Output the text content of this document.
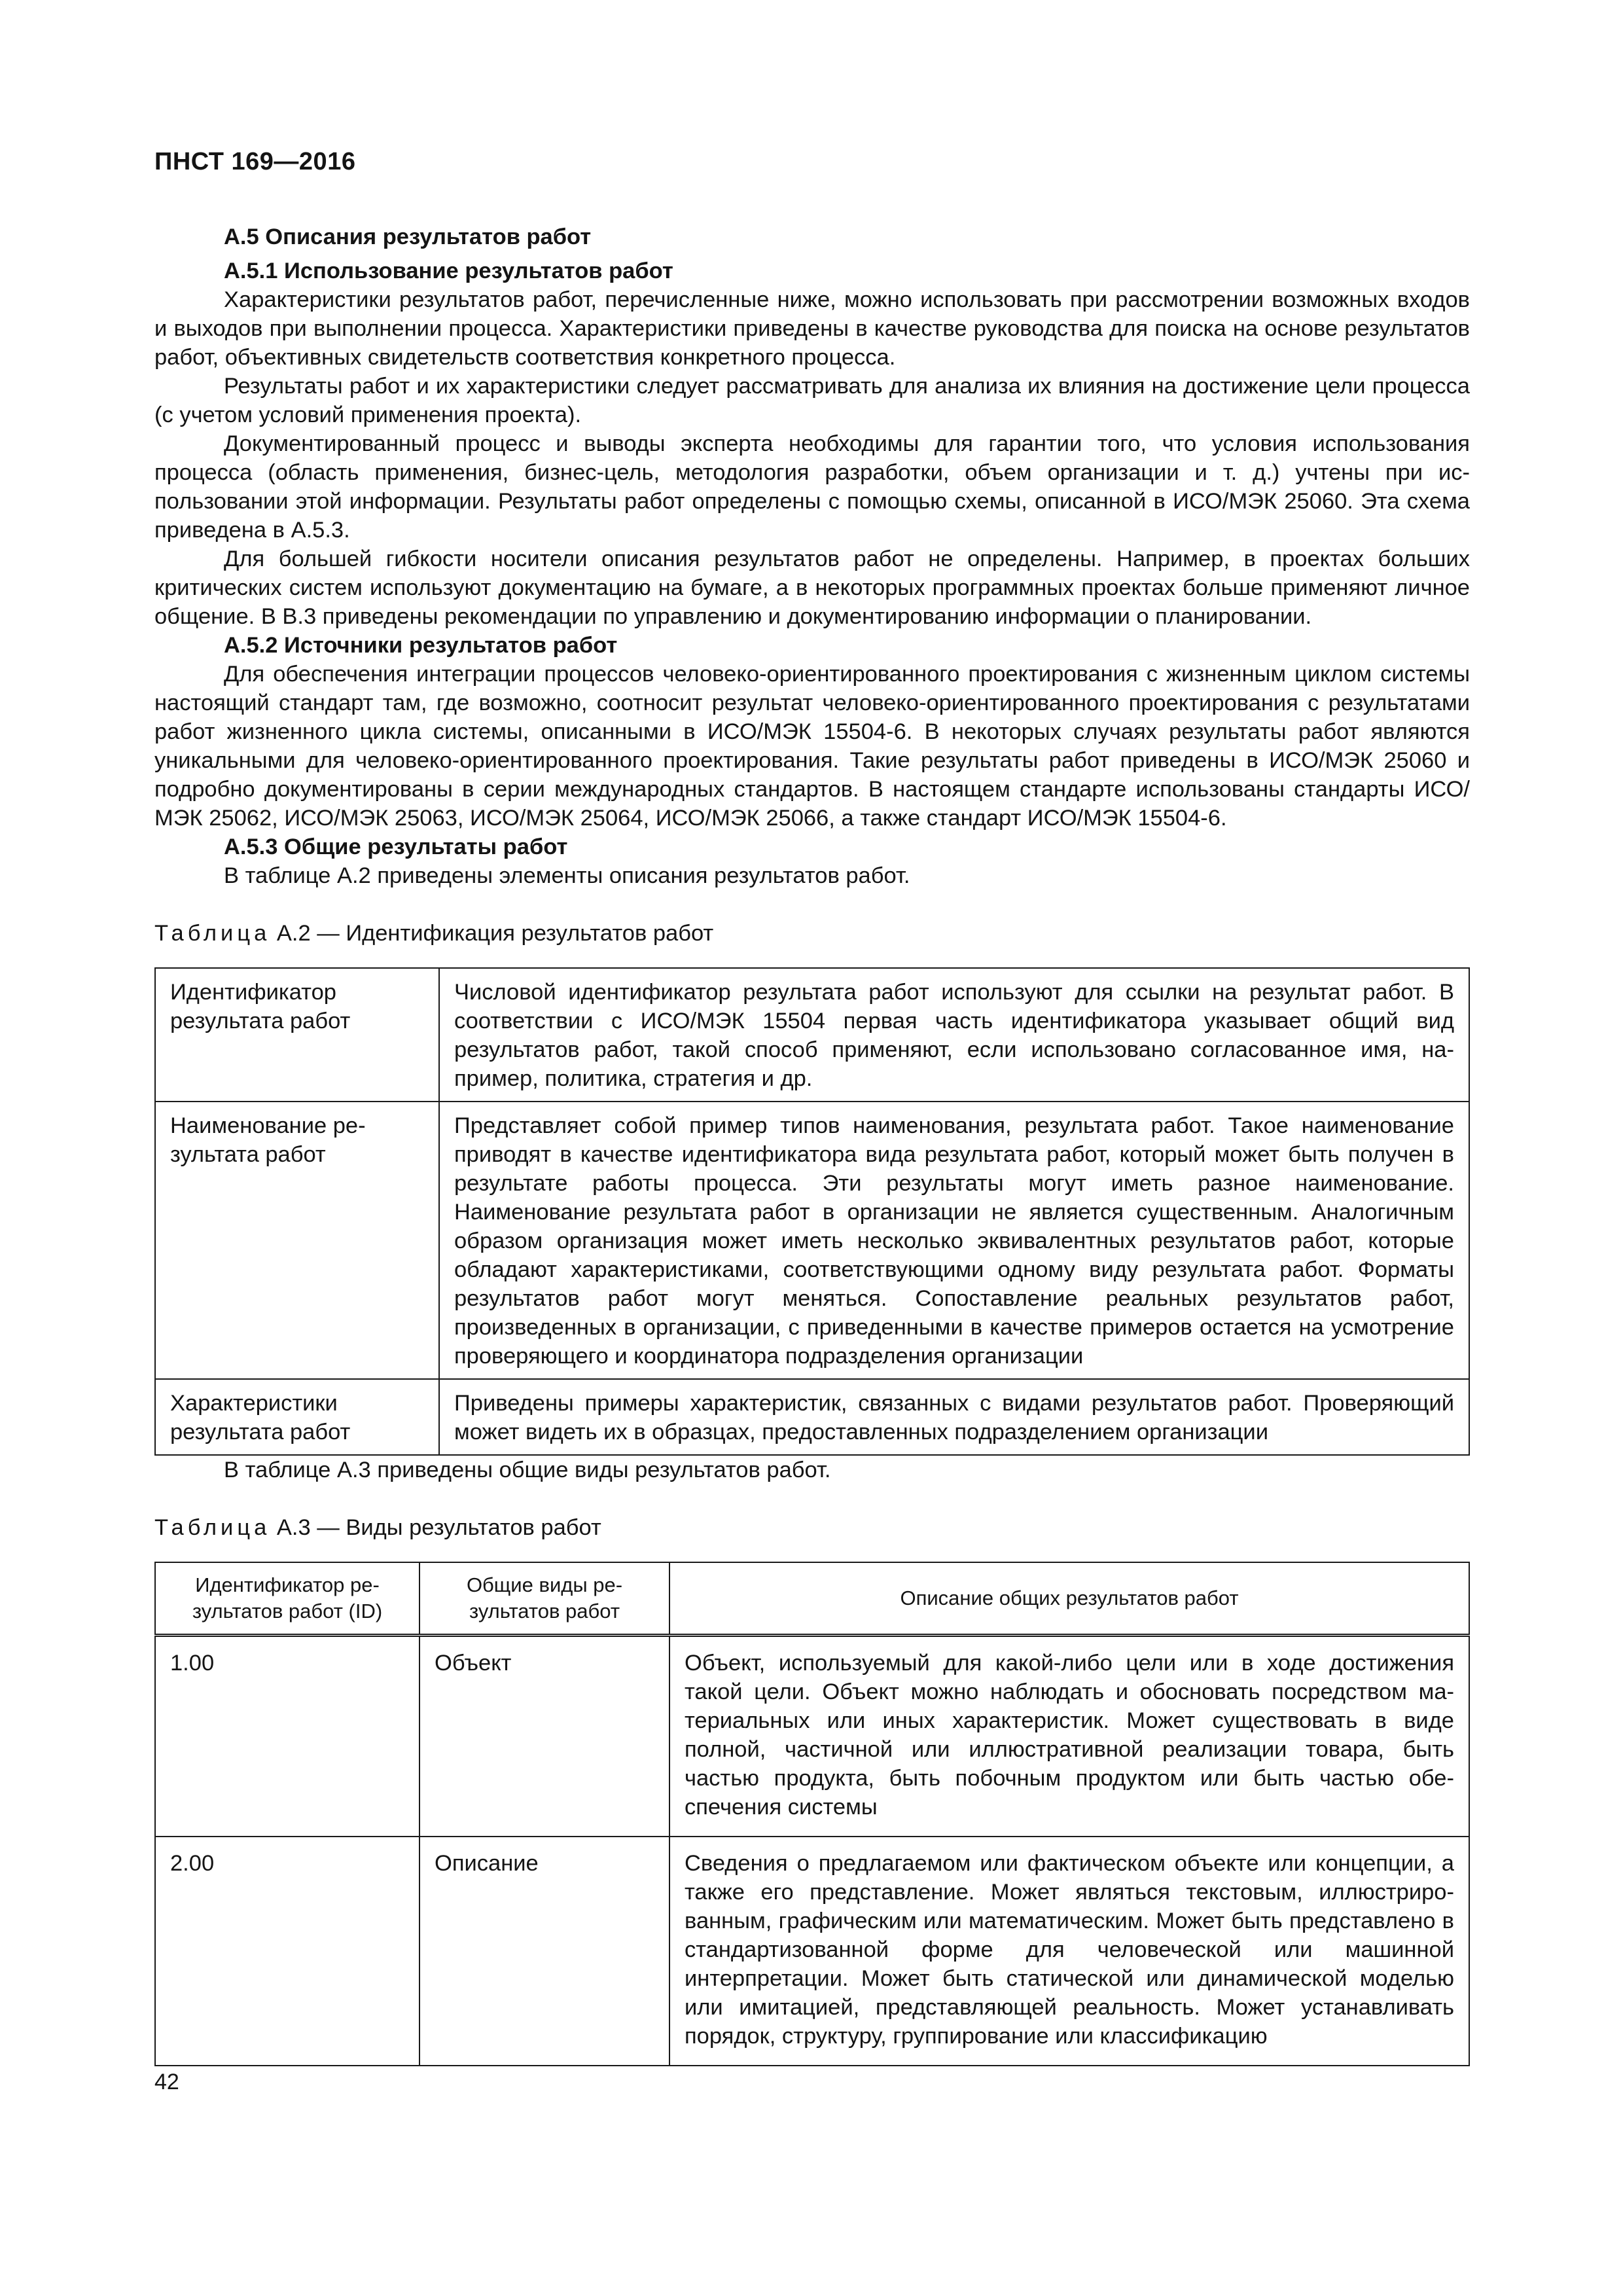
ПНСТ 169—2016
А.5 Описания результатов работ
А.5.1 Использование результатов работ

Характеристики результатов работ, перечисленные ниже, можно использовать при рассмотрении возможных входов и выходов при выполнении процесса. Характеристики приведены в качестве руководства для поиска на основе результатов работ, объективных свидетельств соответствия конкретного процесса.

Результаты работ и их характеристики следует рассматривать для анализа их влияния на достижение цели процесса (с учетом условий применения проекта).

Документированный процесс и выводы эксперта необходимы для гарантии того, что условия использования процесса (область применения, бизнес-цель, методология разработки, объем организации и т. д.) учтены при использовании этой информации. Результаты работ определены с помощью схемы, описанной в ИСО/МЭК 25060. Эта схема приведена в А.5.3.

Для большей гибкости носители описания результатов работ не определены. Например, в проектах больших критических систем используют документацию на бумаге, а в некоторых программных проектах больше применяют личное общение. В В.3 приведены рекомендации по управлению и документированию информации о планировании.

А.5.2 Источники результатов работ

Для обеспечения интеграции процессов человеко-ориентированного проектирования с жизненным циклом системы настоящий стандарт там, где возможно, соотносит результат человеко-ориентированного проектирования с результатами работ жизненного цикла системы, описанными в ИСО/МЭК 15504-6. В некоторых случаях результаты работ являются уникальными для человеко-ориентированного проектирования. Такие результаты работ приведены в ИСО/МЭК 25060 и подробно документированы в серии международных стандартов. В настоящем стандарте использованы стандарты ИСО/МЭК 25062, ИСО/МЭК 25063, ИСО/МЭК 25064, ИСО/МЭК 25066, а также стандарт ИСО/МЭК 15504-6.

А.5.3 Общие результаты работ

В таблице А.2 приведены элементы описания результатов работ.

Таблица А.2 — Идентификация результатов работ
Идентификатор результата работ	Числовой идентификатор результата работ используют для ссылки на результат работ. В соответствии с ИСО/МЭК 15504 первая часть идентификатора указывает общий вид результатов работ, такой способ применяют, если использовано согласованное имя, например, политика, стратегия и др.
Наименование результата работ	Представляет собой пример типов наименования, результата работ. Такое наименование приводят в качестве идентификатора вида результата работ, который может быть получен в результате работы процесса. Эти результаты могут иметь разное наименование. Наименование результата работ в организации не является существенным. Аналогичным образом организация может иметь несколько эквивалентных результатов работ, которые обладают характеристиками, соответствующими одному виду результата работ. Форматы результатов работ могут меняться. Сопоставление реальных результатов работ, произведенных в организации, с приведенными в качестве примеров остается на усмотрение проверяющего и координатора подразделения организации
Характеристики результата работ	Приведены примеры характеристик, связанных с видами результатов работ. Проверяющий может видеть их в образцах, предоставленных подразделением организации

В таблице А.3 приведены общие виды результатов работ.

Таблица А.3 — Виды результатов работ
Идентификатор результатов работ (ID)	Общие виды результатов работ	Описание общих результатов работ
1.00	Объект	Объект, используемый для какой-либо цели или в ходе достижения такой цели. Объект можно наблюдать и обосновать посредством материальных или иных характеристик. Может существовать в виде полной, частичной или иллюстративной реализации товара, быть частью продукта, быть побочным продуктом или быть частью обеспечения системы
2.00	Описание	Сведения о предлагаемом или фактическом объекте или концепции, а также его представление. Может являться текстовым, иллюстрированным, графическим или математическим. Может быть представлено в стандартизованной форме для человеческой или машинной интерпретации. Может быть статической или динамической моделью или имитацией, представляющей реальность. Может устанавливать порядок, структуру, группирование или классификацию
42
